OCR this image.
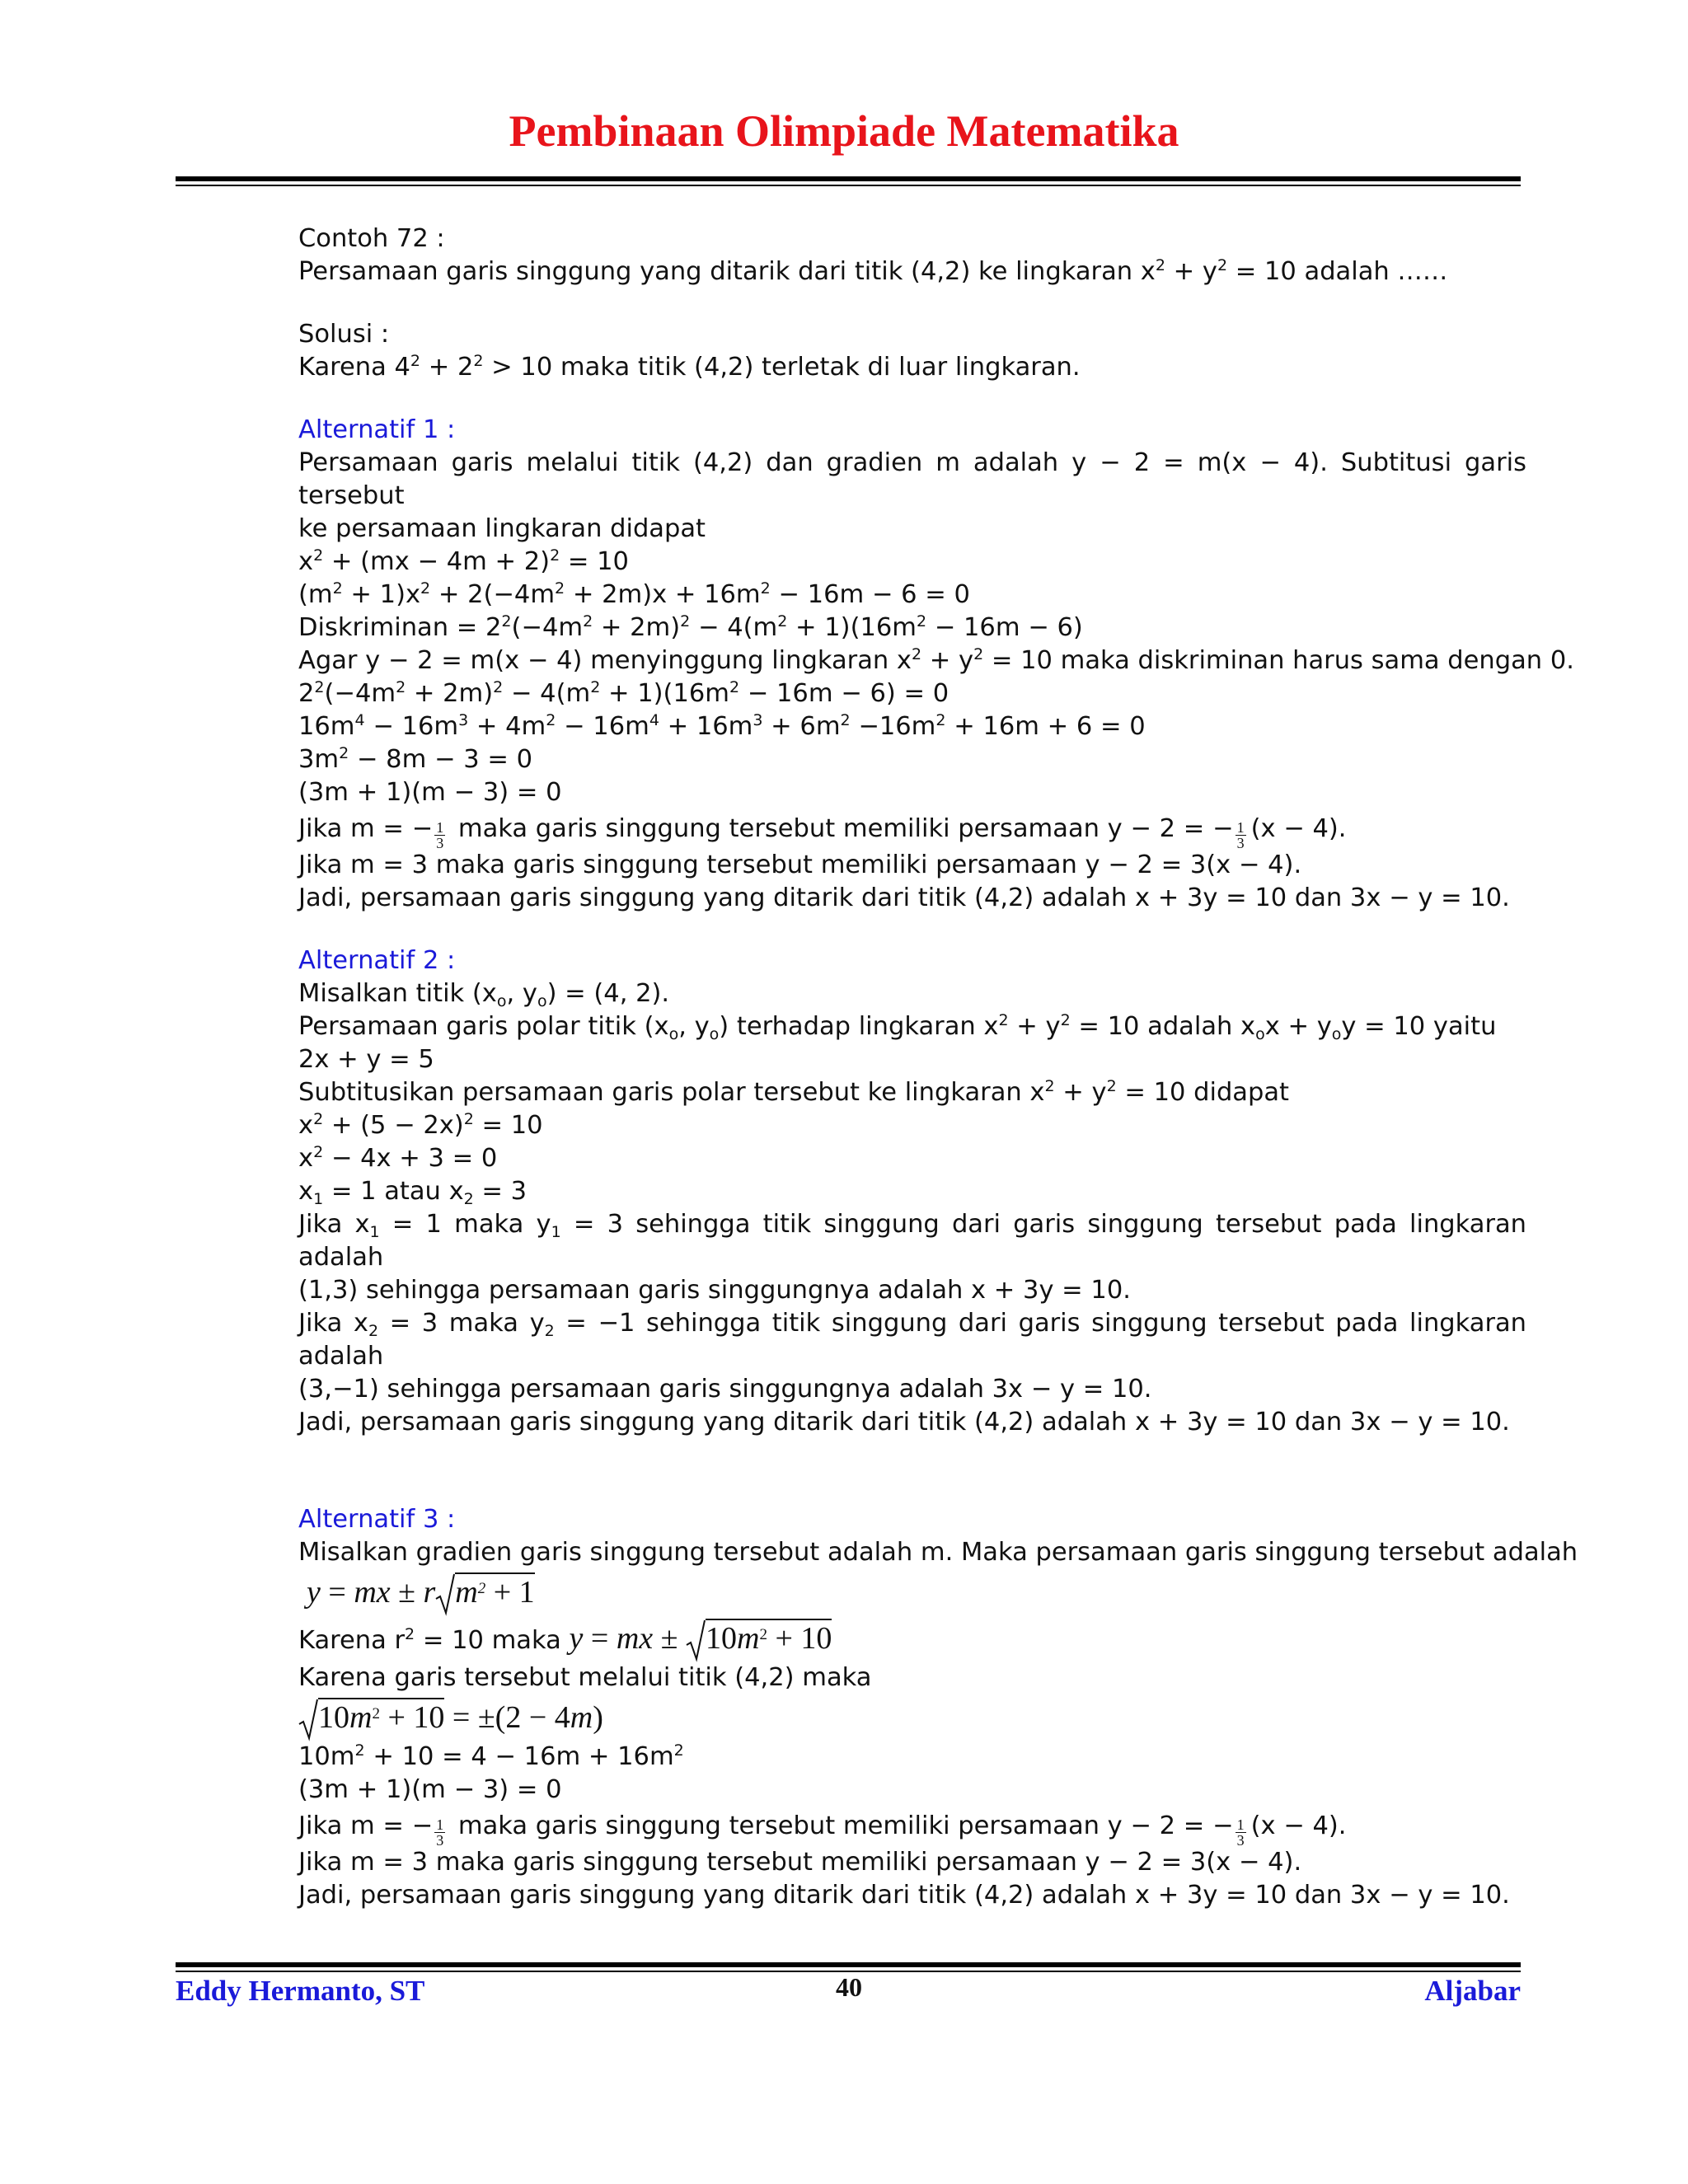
Pembinaan Olimpiade Matematika
Contoh 72 :
Persamaan garis singgung yang ditarik dari titik (4,2) ke lingkaran $x^2 + y^2 = 10$ adalah ……
Solusi :
Karena $4^2 + 2^2 > 10$ maka titik (4,2) terletak di luar lingkaran.
Alternatif 1 :
Persamaan garis melalui titik (4,2) dan gradien m adalah y − 2 = m(x − 4). Subtitusi garis tersebut
ke persamaan lingkaran didapat
$x^2 + (mx - 4m + 2)^2 = 10$
$(m^2 + 1)x^2 + 2(-4m^2 + 2m)x + 16m^2 - 16m - 6 = 0$
Diskriminan = $2^2(-4m^2 + 2m)^2 - 4(m^2 + 1)(16m^2 - 16m - 6)$
Agar y − 2 = m(x − 4) menyinggung lingkaran $x^2 + y^2 = 10$ maka diskriminan harus sama dengan 0.
$2^2(-4m^2 + 2m)^2 - 4(m^2 + 1)(16m^2 - 16m - 6) = 0$
$16m^4 - 16m^3 + 4m^2 - 16m^4 + 16m^3 + 6m^2 -16m^2 + 16m + 6 = 0$
$3m^2 - 8m - 3 = 0$
(3m + 1)(m − 3) = 0
Jika m = − $\frac{1}{3}$ maka garis singgung tersebut memiliki persamaan y − 2 = − $\frac{1}{3} (x - 4)$.
Jika m = 3 maka garis singgung tersebut memiliki persamaan y − 2 = 3(x − 4).
Jadi, persamaan garis singgung yang ditarik dari titik (4,2) adalah x + 3y = 10 dan 3x − y = 10.
Alternatif 2 :
Misalkan titik ($x_o$, $y_o) = (4$, 2).
Persamaan garis polar titik ($x_o$, $y_o$) terhadap lingkaran $x^2 + y^2 = 10$ adalah $x_ox + y_oy = 10$ yaitu
2x + y = 5
Subtitusikan persamaan garis polar tersebut ke lingkaran $x^2 + y^2 = 10$ didapat
$x^2 + (5 - 2x)^2 = 10$
$x^2 - 4x + 3 = 0$
$x_1 = 1$ atau $x_2 = 3$
Jika $x_1 = 1$ maka $y_1 = 3$ sehingga titik singgung dari garis singgung tersebut pada lingkaran adalah
(1,3) sehingga persamaan garis singgungnya adalah x + 3y = 10.
Jika $x_2 = 3$ maka $y_2 = -1$ sehingga titik singgung dari garis singgung tersebut pada lingkaran adalah
(3,−1) sehingga persamaan garis singgungnya adalah 3x − y = 10.
Jadi, persamaan garis singgung yang ditarik dari titik (4,2) adalah x + 3y = 10 dan 3x − y = 10.
Alternatif 3 :
Misalkan gradien garis singgung tersebut adalah m. Maka persamaan garis singgung tersebut adalah
y = mx ± r $m^2 + 1$
Karena $r^2 = 10$ maka y = mx ± $10m^2 + 10$
Karena garis tersebut melalui titik (4,2) maka
$10m^2 + 10 = \pm(2 - 4m)$
$10m^2 + 10 = 4 - 16m + 16m^2$
(3m + 1)(m − 3) = 0
Jika m = − $\frac{1}{3}$ maka garis singgung tersebut memiliki persamaan y − 2 = − $\frac{1}{3} (x - 4)$.
Jika m = 3 maka garis singgung tersebut memiliki persamaan y − 2 = 3(x − 4).
Jadi, persamaan garis singgung yang ditarik dari titik (4,2) adalah x + 3y = 10 dan 3x − y = 10.
Eddy Hermanto, ST	40	Aljabar
